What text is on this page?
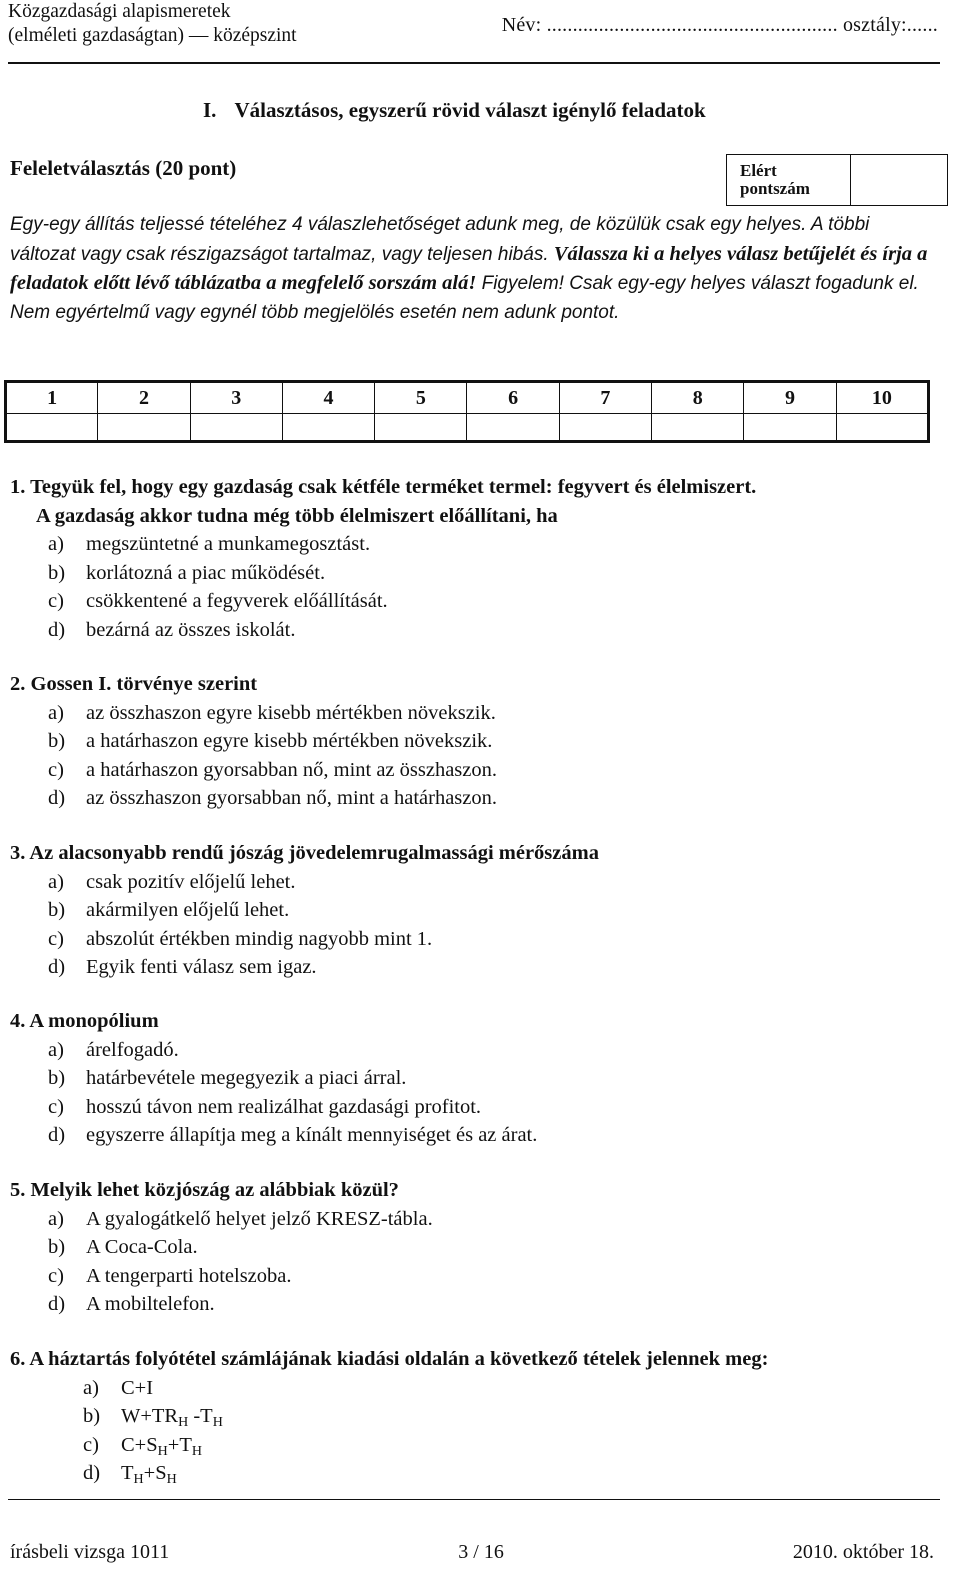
Közgazdasági alapismeretek
(elméleti gazdaságtan) — középszint	Név: ........................................................ osztály:......
I. Választásos, egyszerű rövid választ igénylő feladatok
Feleletválasztás (20 pont)	Elért
pontszám
Egy-egy állítás teljessé tételéhez 4 válaszlehetőséget adunk meg, de közülük csak egy helyes. A többi változat vagy csak részigazságot tartalmaz, vagy teljesen hibás. Válassza ki a helyes válasz betűjelét és írja a feladatok előtt lévő táblázatba a megfelelő sorszám alá! Figyelem! Csak egy-egy helyes választ fogadunk el. Nem egyértelmű vagy egynél több megjelölés esetén nem adunk pontot.
1	2	3	4	5	6	7	8	9	10

1. Tegyük fel, hogy egy gazdaság csak kétféle terméket termel: fegyvert és élelmiszert.
A gazdaság akkor tudna még több élelmiszert előállítani, ha
a)	megszüntetné a munkamegosztást.
b)	korlátozná a piac működését.
c)	csökkentené a fegyverek előállítását.
d)	bezárná az összes iskolát.
2. Gossen I. törvénye szerint
a)	az összhaszon egyre kisebb mértékben növekszik.
b)	a határhaszon egyre kisebb mértékben növekszik.
c)	a határhaszon gyorsabban nő, mint az összhaszon.
d)	az összhaszon gyorsabban nő, mint a határhaszon.
3. Az alacsonyabb rendű jószág jövedelemrugalmassági mérőszáma
a)	csak pozitív előjelű lehet.
b)	akármilyen előjelű lehet.
c)	abszolút értékben mindig nagyobb mint 1.
d)	Egyik fenti válasz sem igaz.
4. A monopólium
a)	árelfogadó.
b)	határbevétele megegyezik a piaci árral.
c)	hosszú távon nem realizálhat gazdasági profitot.
d)	egyszerre állapítja meg a kínált mennyiséget és az árat.
5. Melyik lehet közjószág az alábbiak közül?
a)	A gyalogátkelő helyet jelző KRESZ-tábla.
b)	A Coca-Cola.
c)	A tengerparti hotelszoba.
d)	A mobiltelefon.
6. A háztartás folyótétel számlájának kiadási oldalán a következő tételek jelennek meg:
a)	C+I
b)	$W+TR_H$ $-T_H$
c)	$C+S_H+T_H$
d)	$T_H+S_H$
írásbeli vizsga 1011	3 / 16	2010. október 18.
